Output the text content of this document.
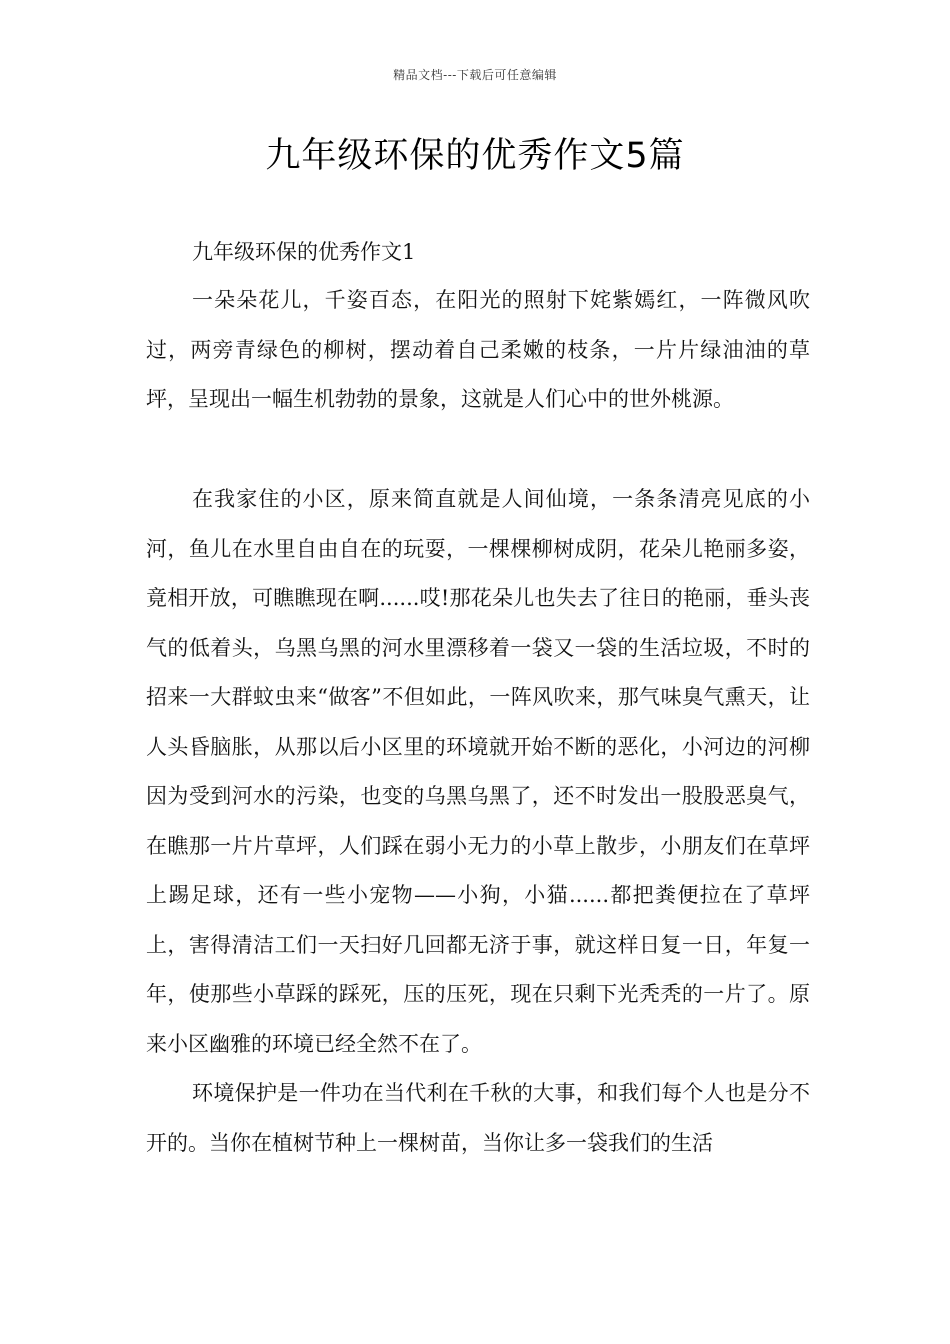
精品文档---下载后可任意编辑
九年级环保的优秀作文5篇
九年级环保的优秀作文1

一朵朵花儿，千姿百态，在阳光的照射下姹紫嫣红，一阵微风吹过，两旁青绿色的柳树，摆动着自己柔嫩的枝条，一片片绿油油的草坪，呈现出一幅生机勃勃的景象，这就是人们心中的世外桃源。

在我家住的小区，原来简直就是人间仙境，一条条清亮见底的小河，鱼儿在水里自由自在的玩耍，一棵棵柳树成阴，花朵儿艳丽多姿，竟相开放，可瞧瞧现在啊......哎!那花朵儿也失去了往日的艳丽，垂头丧气的低着头，乌黑乌黑的河水里漂移着一袋又一袋的生活垃圾，不时的招来一大群蚊虫来“做客”不但如此，一阵风吹来，那气味臭气熏天，让人头昏脑胀，从那以后小区里的环境就开始不断的恶化，小河边的河柳因为受到河水的污染，也变的乌黑乌黑了，还不时发出一股股恶臭气，在瞧那一片片草坪，人们踩在弱小无力的小草上散步，小朋友们在草坪上踢足球，还有一些小宠物——小狗，小猫......都把粪便拉在了草坪上，害得清洁工们一天扫好几回都无济于事，就这样日复一日，年复一年，使那些小草踩的踩死，压的压死，现在只剩下光秃秃的一片了。原来小区幽雅的环境已经全然不在了。

环境保护是一件功在当代利在千秋的大事，和我们每个人也是分不开的。当你在植树节种上一棵树苗，当你让多一袋我们的生活
